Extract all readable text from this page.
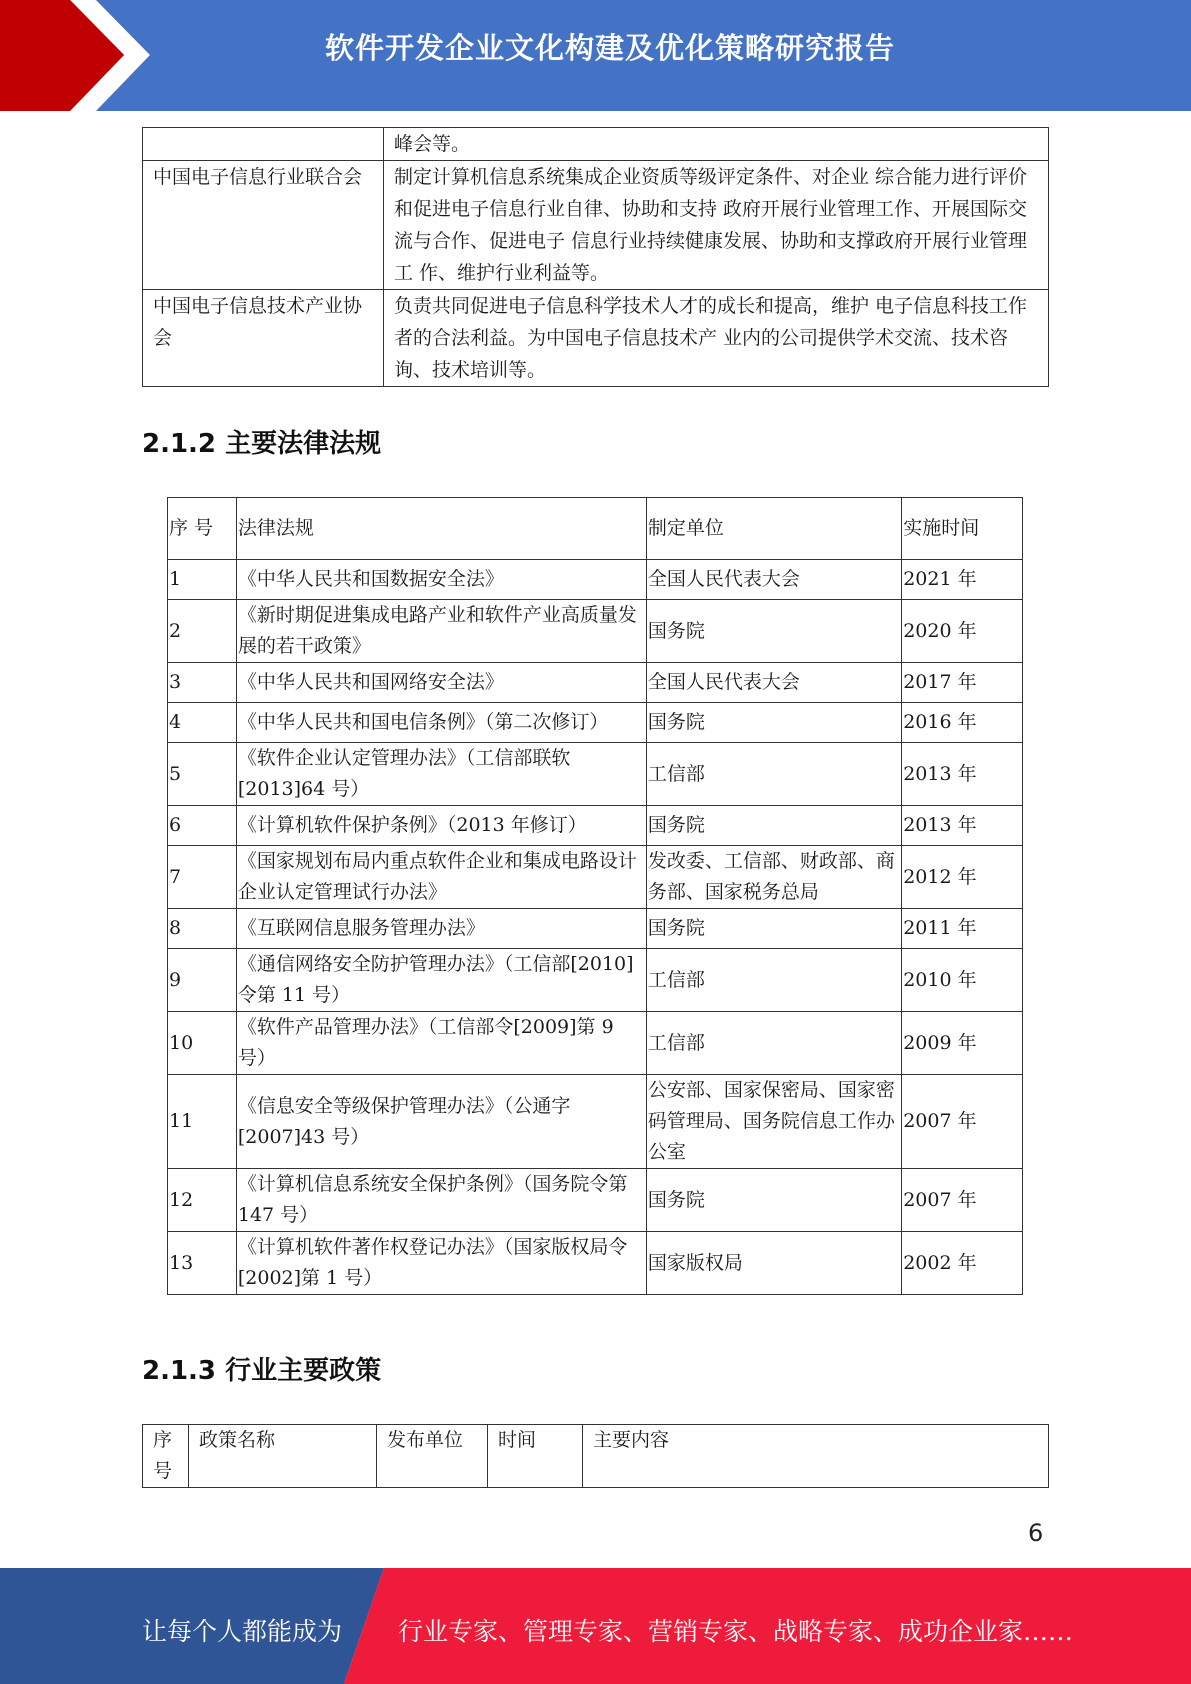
软件开发企业文化构建及优化策略研究报告
	峰会等。
中国电子信息行业联合会	制定计算机信息系统集成企业资质等级评定条件、对企业 综合能力进行评价和促进电子信息行业自律、协助和支持 政府开展行业管理工作、开展国际交流与合作、促进电子 信息行业持续健康发展、协助和支撑政府开展行业管理工 作、维护行业利益等。
中国电子信息技术产业协会	负责共同促进电子信息科学技术人才的成长和提高，维护 电子信息科技工作者的合法利益。为中国电子信息技术产 业内的公司提供学术交流、技术咨询、技术培训等。
2.1.2 主要法律法规
序 号	法律法规	制定单位	实施时间
1	《中华人民共和国数据安全法》	全国人民代表大会	2021 年
2	《新时期促进集成电路产业和软件产业高质量发展的若干政策》	国务院	2020 年
3	《中华人民共和国网络安全法》	全国人民代表大会	2017 年
4	《中华人民共和国电信条例》（第二次修订）	国务院	2016 年
5	《软件企业认定管理办法》（工信部联软[2013]64 号）	工信部	2013 年
6	《计算机软件保护条例》（2013 年修订）	国务院	2013 年
7	《国家规划布局内重点软件企业和集成电路设计企业认定管理试行办法》	发改委、工信部、财政部、商务部、国家税务总局	2012 年
8	《互联网信息服务管理办法》	国务院	2011 年
9	《通信网络安全防护管理办法》（工信部[2010]令第 11 号）	工信部	2010 年
10	《软件产品管理办法》（工信部令[2009]第 9 号）	工信部	2009 年
11	《信息安全等级保护管理办法》（公通字[2007]43 号）	公安部、国家保密局、国家密码管理局、国务院信息工作办公室	2007 年
12	《计算机信息系统安全保护条例》（国务院令第 147 号）	国务院	2007 年
13	《计算机软件著作权登记办法》（国家版权局令[2002]第 1 号）	国家版权局	2002 年
2.1.3 行业主要政策
序号	政策名称	发布单位	时间	主要内容
6
让每个人都能成为 行业专家、管理专家、营销专家、战略专家、成功企业家……
